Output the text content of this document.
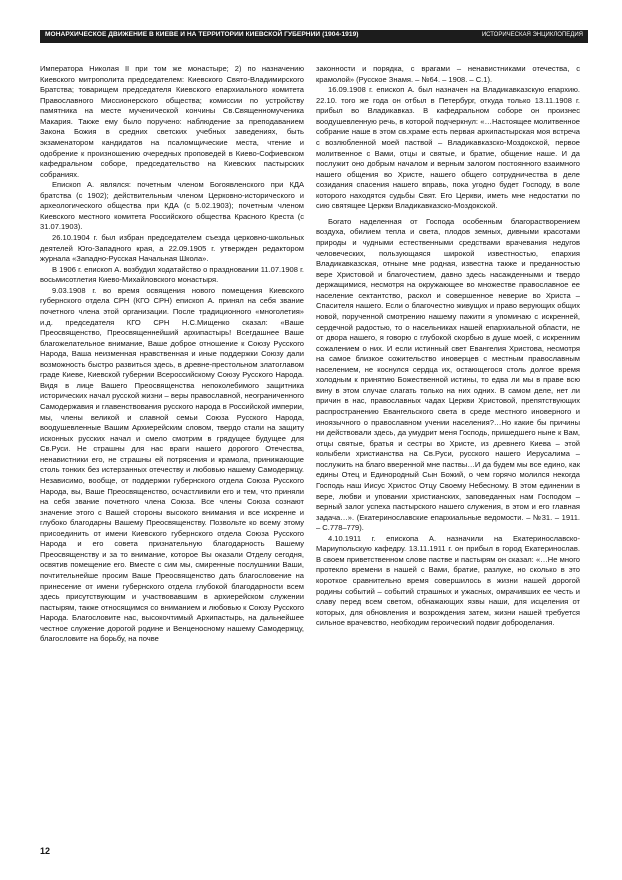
МОНАРХИЧЕСКОЕ ДВИЖЕНИЕ В КИЕВЕ И НА ТЕРРИТОРИИ КИЕВСКОЙ ГУБЕРНИИ (1904-1919)	ИСТОРИЧЕСКАЯ ЭНЦИКЛОПЕДИЯ

Императора Николая II при том же монастыре; 2) по назначению Киевского митрополита председателем: Киевского Свято-Владимирского Братства; товарищем председателя Киевского епархиального комитета Православного Миссионерского общества; комиссии по устройству памятника на месте мученической кончины Св.Священномученика Макария. Также ему было поручено: наблюдение за преподаванием Закона Божия в средних светских учебных заведениях, быть экзаменатором кандидатов на псаломщические места, чтение и одобрение к произношению очередных проповедей в Киево-Софиевском кафедральном соборе, председательство на Киевских пастырских собраниях.

Епископ А. являлся: почетным членом Богоявленского при КДА братства (с 1902); действительным членом Церковно-исторического и археологического общества при КДА (с 5.02.1903); почетным членом Киевского местного комитета Российского общества Красного Креста (с 31.07.1903).

26.10.1904 г. был избран председателем съезда церковно-школьных деятелей Юго-Западного края, а 22.09.1905 г. утвержден редактором журнала «Западно-Русская Начальная Школа».

В 1906 г. епископ А. возбудил ходатайство о праздновании 11.07.1908 г. восьмисотлетия Киево-Михайловского монастыря.

9.03.1908 г. во время освящения нового помещения Киевского губернского отдела СРН (КГО СРН) епископ А. принял на себя звание почетного члена этой организации. После традиционного «многолетия» и.д. председателя КГО СРН Н.С.Мищенко сказал: «Ваше Преосвященство, Преосвященнейший архипастырь! Всегдашнее Ваше благожелательное внимание, Ваше доброе отношение к Союзу Русского Народа, Ваша неизменная нравственная и иные поддержки Союзу дали возможность быстро развиться здесь, в древне-престольном златоглавом граде Киеве, Киевской губернии Всероссийскому Союзу Русского Народа. Видя в лице Вашего Преосвященства непоколебимого защитника исторических начал русской жизни – веры православной, неограниченного Самодержавия и главенствования русского народа в Российской империи, мы, члены великой и славной семьи Союза Русского Народа, воодушевленные Вашим Архиерейским словом, твердо стали на защиту исконных русских начал и смело смотрим в грядущее будущее для Св.Руси. Не страшны для нас враги нашего дорогого Отечества, ненавистники его, не страшны ей потрясения и крамола, принижающие столь тонких без истерзанных отечеству и любовью нашему Самодержцу. Независимо, вообще, от поддержки губернского отдела Союза Русского Народа, вы, Ваше Преосвященство, осчастливили его и тем, что приняли на себя звание почетного члена Союза. Все члены Союза сознают значение этого с Вашей стороны высокого внимания и все искренне и глубоко благодарны Вашему Преосвященству. Позвольте ко всему этому присоединить от имени Киевского губернского отдела Союза Русского Народа и его совета признательную благодарность Вашему Преосвященству и за то внимание, которое Вы оказали Отделу сегодня, освятив помещение его. Вместе с сим мы, смиренные послушники Ваши, почтительнейше просим Ваше Преосвященство дать благословение на принесение от имени губернского отдела глубокой благодарности всем здесь присутствующим и участвовавшим в архиерейском служении пастырям, также относящимся со вниманием и любовью к Союзу Русского Народа. Благословите нас, высокочтимый Архипастырь, на дальнейшее честное служение дорогой родине и Венценосному нашему Самодержцу, благословите на борьбу, на почве

законности и порядка, с врагами – ненавистниками отечества, с крамолой» (Русское Знамя. – №64. – 1908. – С.1).

16.09.1908 г. епископ А. был назначен на Владикавказскую епархию. 22.10. того же года он отбыл в Петербург, откуда только 13.11.1908 г. прибыл во Владикавказ. В кафедральном соборе он произнес воодушевленную речь, в которой подчеркнул: «…Настоящее молитвенное собрание наше в этом св.храме есть первая архипастырская моя встреча с возлюбленной моей паствой – Владикавказско-Моздокской, первое молитвенное с Вами, отцы и святые, и братие, общение наше. И да послужит оно добрым началом и верным залогом постоянного взаимного нашего общения во Христе, нашего общего сотрудничества в деле созидания спасения нашего вправь, пока угодно будет Господу, в воле которого находятся судьбы Свят. Его Церкви, иметь мне недостатки по сию святящее Церкви Владикавказско-Моздокской.

Богато наделенная от Господа особенным благорастворением воздуха, обилием тепла и света, плодов земных, дивными красотами природы и чудными естественными средствами врачевания недугов человеческих, пользующаяся широкой известностью, епархия Владикавказская, отныне мне родная, известна также и преданностью вере Христовой и благочестием, давно здесь насажденными и твердо держащимися, несмотря на окружающее во множестве православное ее население сектантство, раскол и совершенное неверие во Христа – Спасителя нашего. Если о благочестно живущих и право верующих общих новой, порученной смотрению нашему пажити я упоминаю с искренней, сердечной радостью, то о насельниках нашей епархиальной области, не от двора нашего, я говорю с глубокой скорбью в душе моей, с искренним сожалением о них. И если истинный свет Евангелия Христова, несмотря на самое близкое сожительство иноверцев с местным православным населением, не коснулся сердца их, остающегося столь долгое время холодным к принятию Божественной истины, то едва ли мы в праве всю вину в этом случае слагать только на них одних. В самом деле, нет ли причин в нас, православных чадах Церкви Христовой, препятствующих распространению Евангельского света в среде местного иноверного и иноязычного о православном учении населения?…Но какие бы причины ни действовали здесь, да умудрит меня Господь, пришедшего ныне к Вам, отцы святые, братья и сестры во Христе, из древнего Киева – этой колыбели христианства на Св.Руси, русского нашего Иерусалима – послужить на благо вверенной мне паствы…И да будем мы все едино, как едины Отец и Единородный Сын Божий, о чем горячо молился некогда Господь наш Иисус Христос Отцу Своему Небесному. В этом единении в вере, любви и уповании христианских, заповеданных нам Господом – верный залог успеха пастырского нашего служения, в этом и его главная задача…». (Екатеринославские епархиальные ведомости. – №31. – 1911. – С.778–779).

4.10.1911 г. епископа А. назначили на Екатеринославско-Мариупольскую кафедру. 13.11.1911 г. он прибыл в город Екатеринослав. В своем приветственном слове пастве и пастырям он сказал: «…Не много протекло времени в нашей с Вами, братие, разлуке, но сколько в это короткое сравнительно время совершилось в жизни нашей дорогой родины событий – событий страшных и ужасных, омрачивших ее честь и славу перед всем светом, обнажающих язвы наши, для исцеления от которых, для обновления и возрождения затем, жизни нашей требуется сильное врачевство, необходим героический подвиг доброделания.

12
